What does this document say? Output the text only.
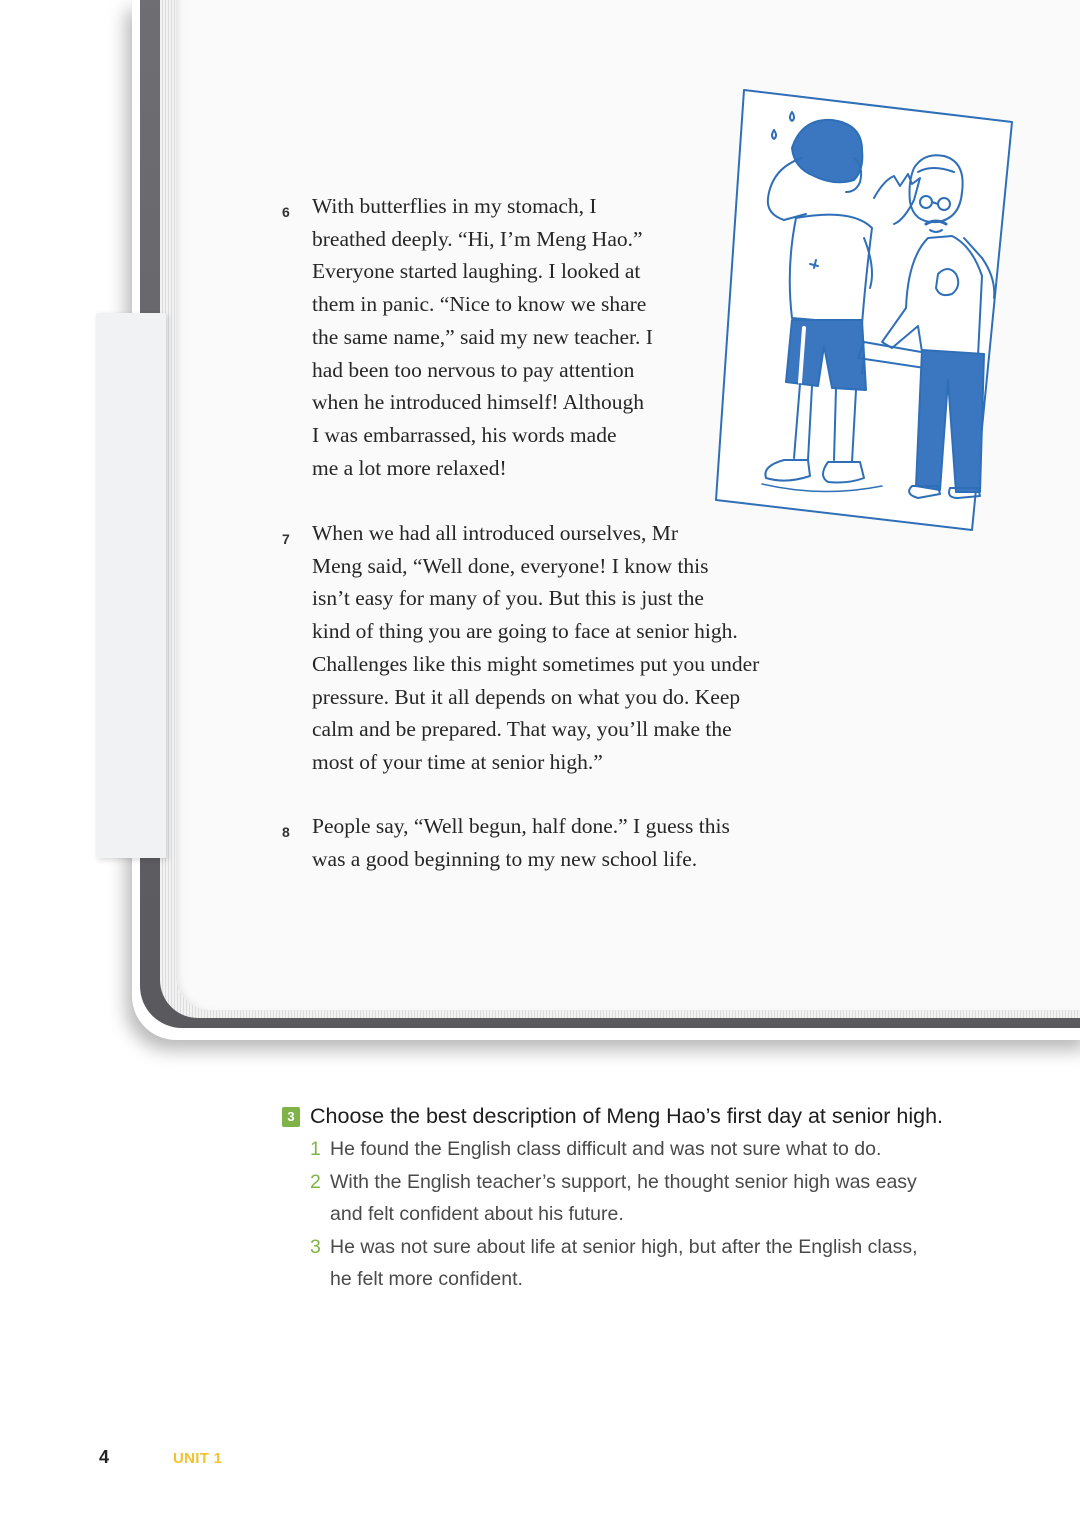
6	With butterflies in my stomach, I
breathed deeply. “Hi, I’m Meng Hao.”
Everyone started laughing. I looked at
them in panic. “Nice to know we share
the same name,” said my new teacher. I
had been too nervous to pay attention
when he introduced himself! Although
I was embarrassed, his words made
me a lot more relaxed!
7	When we had all introduced ourselves, Mr
Meng said, “Well done, everyone! I know this
isn’t easy for many of you. But this is just the
kind of thing you are going to face at senior high.
Challenges like this might sometimes put you under
pressure. But it all depends on what you do. Keep
calm and be prepared. That way, you’ll make the
most of your time at senior high.”
8	People say, “Well begun, half done.” I guess this
was a good beginning to my new school life.
3 Choose the best description of Meng Hao’s first day at senior high.
1 He found the English class difficult and was not sure what to do.
2 With the English teacher’s support, he thought senior high was easy
and felt confident about his future.
3 He was not sure about life at senior high, but after the English class,
he felt more confident.
4	UNIT 1
